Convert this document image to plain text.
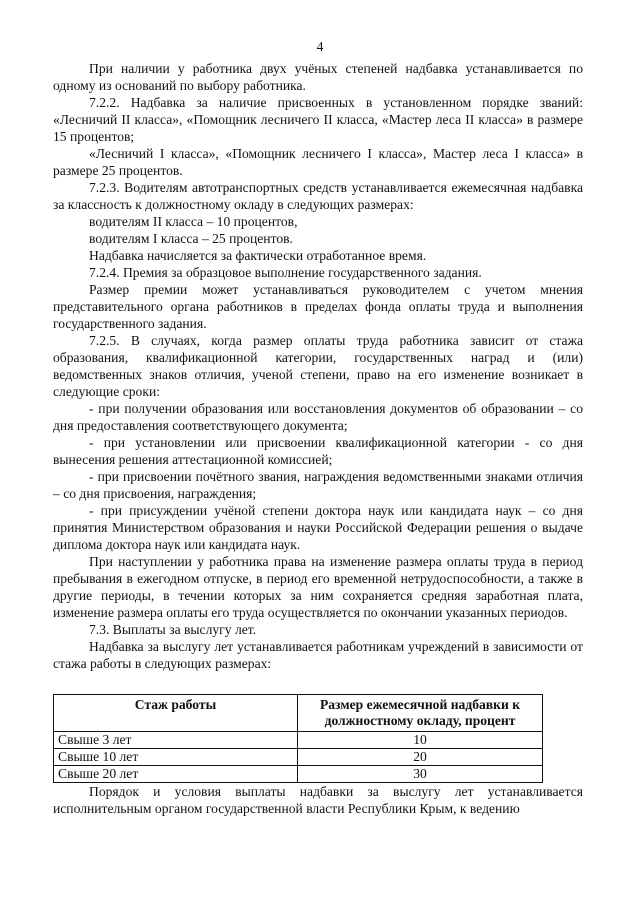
4

При наличии у работника двух учёных степеней надбавка устанавливается по одному из оснований по выбору работника.

7.2.2. Надбавка за наличие присвоенных в установленном порядке званий: «Лесничий II класса», «Помощник лесничего II класса, «Мастер леса II класса» в размере 15 процентов;

«Лесничий I класса», «Помощник лесничего I класса», Мастер леса I класса» в размере 25 процентов.

7.2.3. Водителям автотранспортных средств устанавливается ежемесячная надбавка за классность к должностному окладу в следующих размерах:

водителям II класса – 10 процентов,

водителям I класса – 25 процентов.

Надбавка начисляется за фактически отработанное время.

7.2.4. Премия за образцовое выполнение государственного задания.

Размер премии может устанавливаться руководителем с учетом мнения представительного органа работников в пределах фонда оплаты труда и выполнения государственного задания.

7.2.5. В случаях, когда размер оплаты труда работника зависит от стажа образования, квалификационной категории, государственных наград и (или) ведомственных знаков отличия, ученой степени, право на его изменение возникает в следующие сроки:

- при получении образования или восстановления документов об образовании – со дня предоставления соответствующего документа;

- при установлении или присвоении квалификационной категории - со дня вынесения решения аттестационной комиссией;

- при присвоении почётного звания, награждения ведомственными знаками отличия – со дня присвоения, награждения;

- при присуждении учёной степени доктора наук или кандидата наук – со дня принятия Министерством образования и науки Российской Федерации решения о выдаче диплома доктора наук или кандидата наук.

При наступлении у работника права на изменение размера оплаты труда в период пребывания в ежегодном отпуске, в период его временной нетрудоспособности, а также в другие периоды, в течении которых за ним сохраняется средняя заработная плата, изменение размера оплаты его труда осуществляется по окончании указанных периодов.

7.3. Выплаты за выслугу лет.

Надбавка за выслугу лет устанавливается работникам учреждений в зависимости от стажа работы в следующих размерах:

Стаж работы	Размер ежемесячной надбавки к должностному окладу, процент
Свыше 3 лет	10
Свыше 10 лет	20
Свыше 20 лет	30

Порядок и условия выплаты надбавки за выслугу лет устанавливается исполнительным органом государственной власти Республики Крым, к ведению
